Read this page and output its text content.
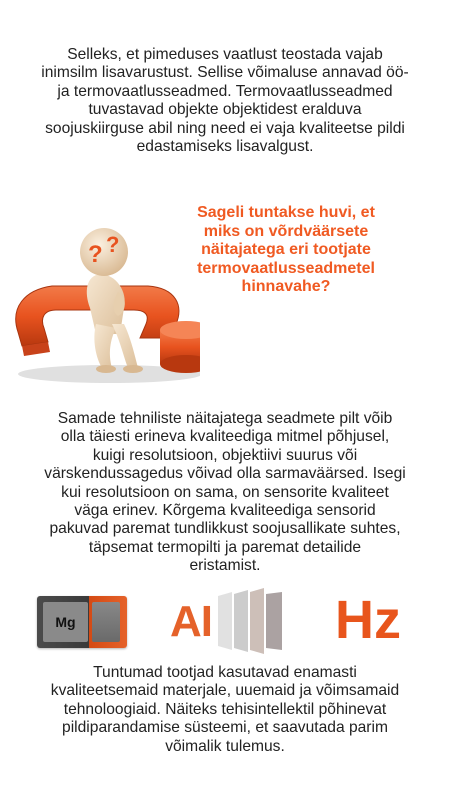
Selleks, et pimeduses vaatlust teostada vajab
inimsilm lisavarustust. Sellise võimaluse annavad öö-
ja termovaatlusseadmed. Termovaatlusseadmed
tuvastavad objekte objektidest eralduva
soojuskiirguse abil ning need ei vaja kvaliteetse pildi
edastamiseks lisavalgust.
? ?
Sageli tuntakse huvi, et
miks on võrdväärsete
näitajatega eri tootjate
termovaatlusseadmetel
hinnavahe?
Samade tehniliste näitajatega seadmete pilt võib
olla täiesti erineva kvaliteediga mitmel põhjusel,
kuigi resolutsioon, objektiivi suurus või
värskendussagedus võivad olla sarmaväärsed. Isegi
kui resolutsioon on sama, on sensorite kvaliteet
väga erinev. Kõrgema kvaliteediga sensorid
pakuvad paremat tundlikkust soojusallikate suhtes,
täpsemat termopilti ja paremat detailide
eristamist.
Mg AI Hz
Tuntumad tootjad kasutavad enamasti
kvaliteetsemaid materjale, uuemaid ja võimsamaid
tehnoloogiaid. Näiteks tehisintellektil põhinevat
pildiparandamise süsteemi, et saavutada parim
võimalik tulemus.
